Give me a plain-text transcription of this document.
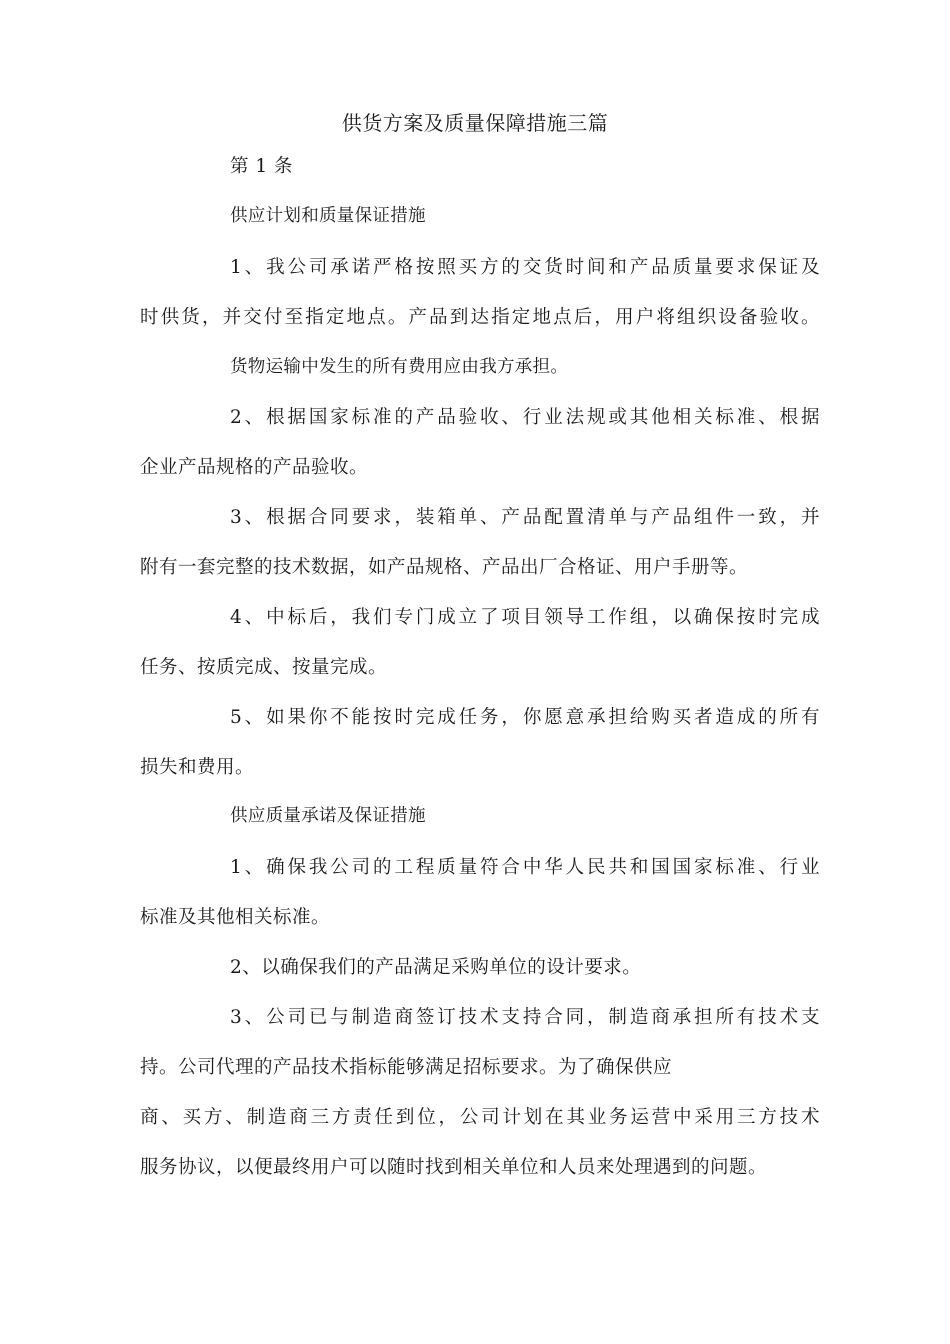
供货方案及质量保障措施三篇
第 1 条
供应计划和质量保证措施
1、我公司承诺严格按照买方的交货时间和产品质量要求保证及
时供货，并交付至指定地点。产品到达指定地点后，用户将组织设备验收。
货物运输中发生的所有费用应由我方承担。
2、根据国家标准的产品验收、行业法规或其他相关标准、根据
企业产品规格的产品验收。
3、根据合同要求，装箱单、产品配置清单与产品组件一致，并
附有一套完整的技术数据，如产品规格、产品出厂合格证、用户手册等。
4、中标后，我们专门成立了项目领导工作组，以确保按时完成
任务、按质完成、按量完成。
5、如果你不能按时完成任务，你愿意承担给购买者造成的所有
损失和费用。
供应质量承诺及保证措施
1、确保我公司的工程质量符合中华人民共和国国家标准、行业
标准及其他相关标准。
2、以确保我们的产品满足采购单位的设计要求。
3、公司已与制造商签订技术支持合同，制造商承担所有技术支
持。公司代理的产品技术指标能够满足招标要求。为了确保供应
商、买方、制造商三方责任到位，公司计划在其业务运营中采用三方技术
服务协议，以便最终用户可以随时找到相关单位和人员来处理遇到的问题。
